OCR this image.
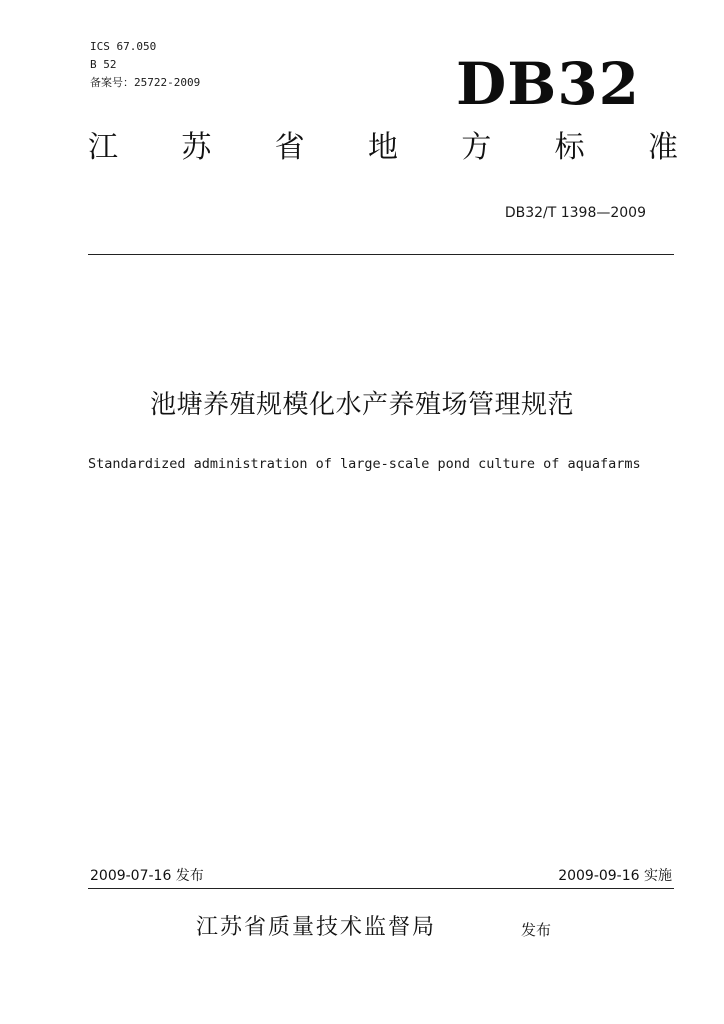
ICS 67.050
B 52
备案号：25722-2009	DB32
江 苏 省 地 方 标 准
DB32/T 1398—2009
池塘养殖规模化水产养殖场管理规范
Standardized administration of large-scale pond culture of aquafarms
2009-07-16 发布	2009-09-16 实施
江苏省质量技术监督局	发布
